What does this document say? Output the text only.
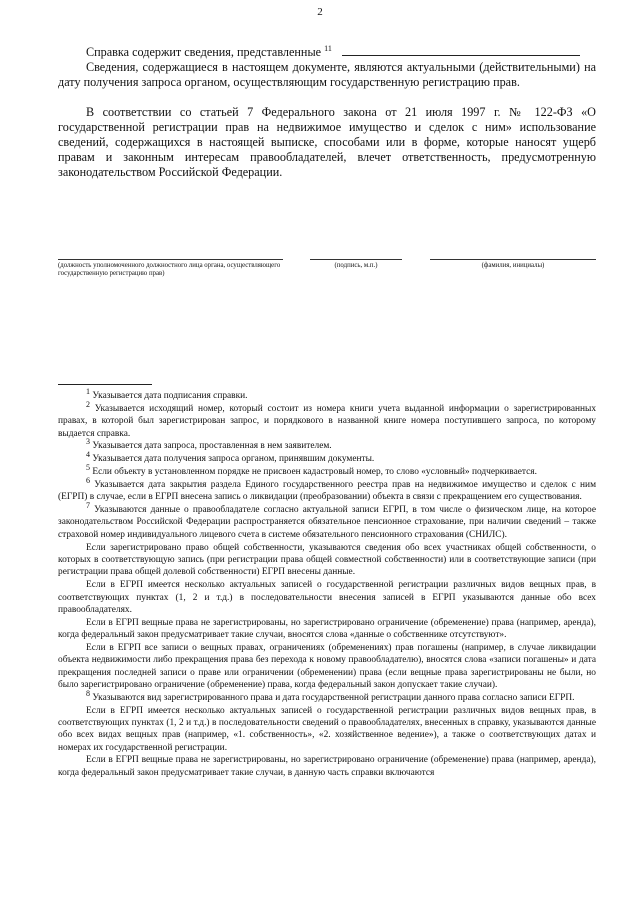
2

Справка содержит сведения, представленные $^{11}$

Сведения, содержащиеся в настоящем документе, являются актуальными (действительными) на дату получения запроса органом, осуществляющим государственную регистрацию прав.

В соответствии со статьей 7 Федерального закона от 21 июля 1997 г. № 122-ФЗ «О государственной регистрации прав на недвижимое имущество и сделок с ним» использование сведений, содержащихся в настоящей выписке, способами или в форме, которые наносят ущерб правам и законным интересам правообладателей, влечет ответственность, предусмотренную законодательством Российской Федерации.

(должность уполномоченного должностного лица органа, осуществляющего государственную регистрацию прав)
(подпись, м.п.)	(фамилия, инициалы)

1 Указывается дата подписания справки.

2 Указывается исходящий номер, который состоит из номера книги учета выданной информации о зарегистрированных правах, в которой был зарегистрирован запрос, и порядкового в названной книге номера поступившего запроса, по которому выдается справка.

3 Указывается дата запроса, проставленная в нем заявителем.

4 Указывается дата получения запроса органом, принявшим документы.

5 Если объекту в установленном порядке не присвоен кадастровый номер, то слово «условный» подчеркивается.

6 Указывается дата закрытия раздела Единого государственного реестра прав на недвижимое имущество и сделок с ним (ЕГРП) в случае, если в ЕГРП внесена запись о ликвидации (преобразовании) объекта в связи с прекращением его существования.

7 Указываются данные о правообладателе согласно актуальной записи ЕГРП, в том числе о физическом лице, на которое законодательством Российской Федерации распространяется обязательное пенсионное страхование, при наличии сведений – также страховой номер индивидуального лицевого счета в системе обязательного пенсионного страхования (СНИЛС).

Если зарегистрировано право общей собственности, указываются сведения обо всех участниках общей собственности, о которых в соответствующую запись (при регистрации права общей совместной собственности) или в соответствующие записи (при регистрации права общей долевой собственности) ЕГРП внесены данные.

Если в ЕГРП имеется несколько актуальных записей о государственной регистрации различных видов вещных прав, в соответствующих пунктах (1, 2 и т.д.) в последовательности внесения записей в ЕГРП указываются данные обо всех правообладателях.

Если в ЕГРП вещные права не зарегистрированы, но зарегистрировано ограничение (обременение) права (например, аренда), когда федеральный закон предусматривает такие случаи, вносятся слова «данные о собственнике отсутствуют».

Если в ЕГРП все записи о вещных правах, ограничениях (обременениях) прав погашены (например, в случае ликвидации объекта недвижимости либо прекращения права без перехода к новому правообладателю), вносятся слова «записи погашены» и дата прекращения последней записи о праве или ограничении (обременении) права (если вещные права зарегистрированы не были, но было зарегистрировано ограничение (обременение) права, когда федеральный закон допускает такие случаи).

8 Указываются вид зарегистрированного права и дата государственной регистрации данного права согласно записи ЕГРП.

Если в ЕГРП имеется несколько актуальных записей о государственной регистрации различных видов вещных прав, в соответствующих пунктах (1, 2 и т.д.) в последовательности сведений о правообладателях, внесенных в справку, указываются данные обо всех видах вещных прав (например, «1. собственность», «2. хозяйственное ведение»), а также о соответствующих датах и номерах их государственной регистрации.

Если в ЕГРП вещные права не зарегистрированы, но зарегистрировано ограничение (обременение) права (например, аренда), когда федеральный закон предусматривает такие случаи, в данную часть справки включаются
